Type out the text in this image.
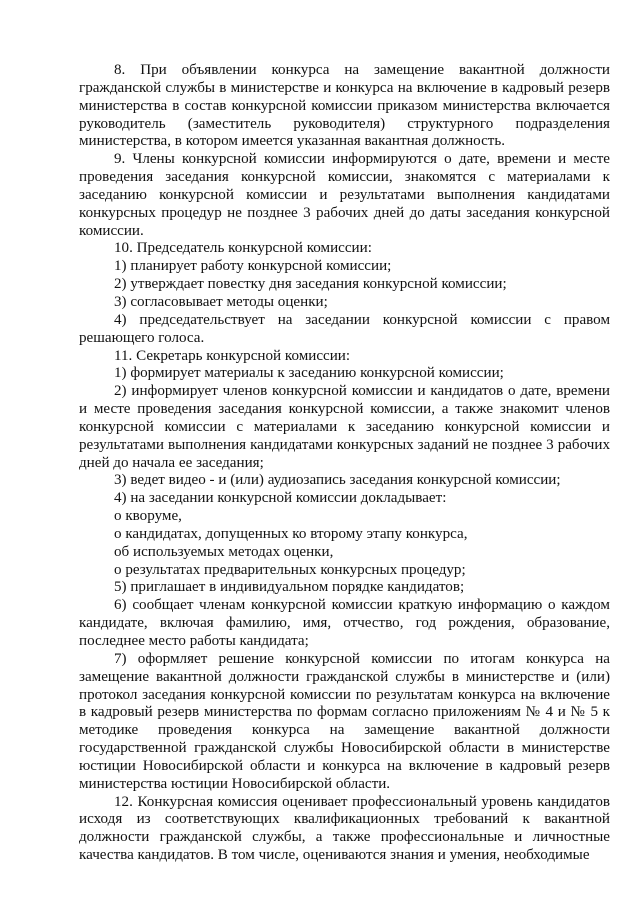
8. При объявлении конкурса на замещение вакантной должности гражданской службы в министерстве и конкурса на включение в кадровый резерв министерства в состав конкурсной комиссии приказом министерства включается руководитель (заместитель руководителя) структурного подразделения министерства, в котором имеется указанная вакантная должность.

9. Члены конкурсной комиссии информируются о дате, времени и месте проведения заседания конкурсной комиссии, знакомятся с материалами к заседанию конкурсной комиссии и результатами выполнения кандидатами конкурсных процедур не позднее 3 рабочих дней до даты заседания конкурсной комиссии.

10. Председатель конкурсной комиссии:

1) планирует работу конкурсной комиссии;

2) утверждает повестку дня заседания конкурсной комиссии;

3) согласовывает методы оценки;

4) председательствует на заседании конкурсной комиссии с правом решающего голоса.

11. Секретарь конкурсной комиссии:

1) формирует материалы к заседанию конкурсной комиссии;

2) информирует членов конкурсной комиссии и кандидатов о дате, времени и месте проведения заседания конкурсной комиссии, а также знакомит членов конкурсной комиссии с материалами к заседанию конкурсной комиссии и результатами выполнения кандидатами конкурсных заданий не позднее 3 рабочих дней до начала ее заседания;

3) ведет видео - и (или) аудиозапись заседания конкурсной комиссии;

4) на заседании конкурсной комиссии докладывает:

о кворуме,

о кандидатах, допущенных ко второму этапу конкурса,

об используемых методах оценки,

о результатах предварительных конкурсных процедур;

5) приглашает в индивидуальном порядке кандидатов;

6) сообщает членам конкурсной комиссии краткую информацию о каждом кандидате, включая фамилию, имя, отчество, год рождения, образование, последнее место работы кандидата;

7) оформляет решение конкурсной комиссии по итогам конкурса на замещение вакантной должности гражданской службы в министерстве и (или) протокол заседания конкурсной комиссии по результатам конкурса на включение в кадровый резерв министерства по формам согласно приложениям № 4 и № 5 к методике проведения конкурса на замещение вакантной должности государственной гражданской службы Новосибирской области в министерстве юстиции Новосибирской области и конкурса на включение в кадровый резерв министерства юстиции Новосибирской области.

12. Конкурсная комиссия оценивает профессиональный уровень кандидатов исходя из соответствующих квалификационных требований к вакантной должности гражданской службы, а также профессиональные и личностные качества кандидатов. В том числе, оцениваются знания и умения, необходимые
